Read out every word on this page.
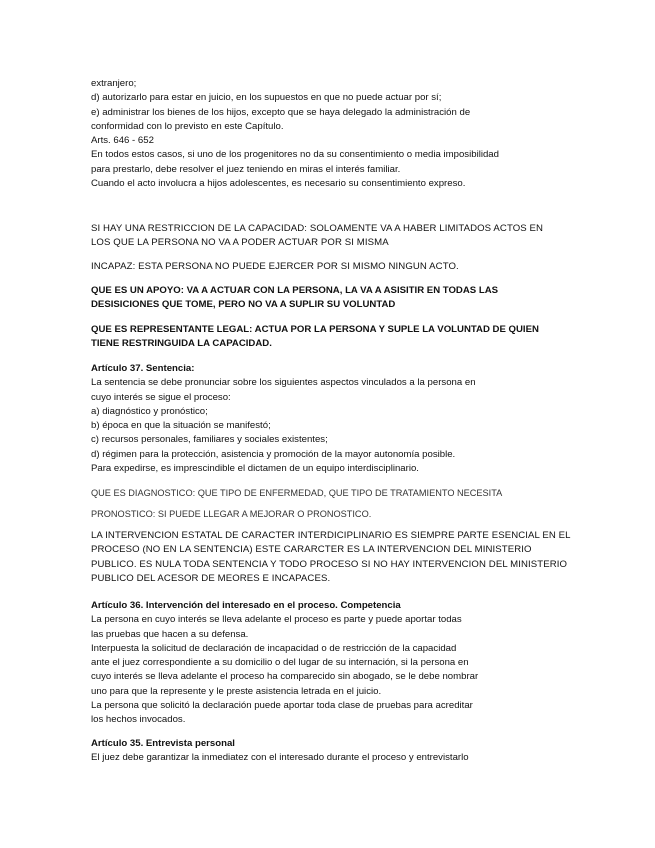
extranjero;
d) autorizarlo para estar en juicio, en los supuestos en que no puede actuar por sí;
e) administrar los bienes de los hijos, excepto que se haya delegado la administración de
conformidad con lo previsto en este Capítulo.
Arts. 646 - 652
En todos estos casos, si uno de los progenitores no da su consentimiento o media imposibilidad
para prestarlo, debe resolver el juez teniendo en miras el interés familiar.
Cuando el acto involucra a hijos adolescentes, es necesario su consentimiento expreso.
SI HAY UNA RESTRICCION DE LA CAPACIDAD: SOLOAMENTE VA A HABER LIMITADOS ACTOS EN
LOS QUE LA PERSONA NO VA A PODER ACTUAR POR SI MISMA
INCAPAZ: ESTA PERSONA NO PUEDE EJERCER POR SI MISMO NINGUN ACTO.
QUE ES UN APOYO: VA A ACTUAR CON LA PERSONA, LA VA A ASISITIR EN TODAS LAS
DESISICIONES QUE TOME, PERO NO VA A SUPLIR SU VOLUNTAD
QUE ES REPRESENTANTE LEGAL: ACTUA POR LA PERSONA Y SUPLE LA VOLUNTAD DE QUIEN
TIENE RESTRINGUIDA LA CAPACIDAD.
Artículo 37. Sentencia:
La sentencia se debe pronunciar sobre los siguientes aspectos vinculados a la persona en
cuyo interés se sigue el proceso:
a) diagnóstico y pronóstico;
b) época en que la situación se manifestó;
c) recursos personales, familiares y sociales existentes;
d) régimen para la protección, asistencia y promoción de la mayor autonomía posible.
Para expedirse, es imprescindible el dictamen de un equipo interdisciplinario.
QUE ES DIAGNOSTICO: QUE TIPO DE ENFERMEDAD, QUE TIPO DE TRATAMIENTO NECESITA
PRONOSTICO: SI PUEDE LLEGAR A MEJORAR O PRONOSTICO.
LA INTERVENCION ESTATAL DE CARACTER INTERDICIPLINARIO ES SIEMPRE PARTE ESENCIAL EN EL
PROCESO (NO EN LA SENTENCIA) ESTE CARARCTER ES LA INTERVENCION DEL MINISTERIO
PUBLICO. ES NULA TODA SENTENCIA Y TODO PROCESO SI NO HAY INTERVENCION DEL MINISTERIO
PUBLICO DEL ACESOR DE MEORES E INCAPACES.
Artículo 36. Intervención del interesado en el proceso. Competencia
La persona en cuyo interés se lleva adelante el proceso es parte y puede aportar todas
las pruebas que hacen a su defensa.
Interpuesta la solicitud de declaración de incapacidad o de restricción de la capacidad
ante el juez correspondiente a su domicilio o del lugar de su internación, si la persona en
cuyo interés se lleva adelante el proceso ha comparecido sin abogado, se le debe nombrar
uno para que la represente y le preste asistencia letrada en el juicio.
La persona que solicitó la declaración puede aportar toda clase de pruebas para acreditar
los hechos invocados.
Artículo 35. Entrevista personal
El juez debe garantizar la inmediatez con el interesado durante el proceso y entrevistarlo
